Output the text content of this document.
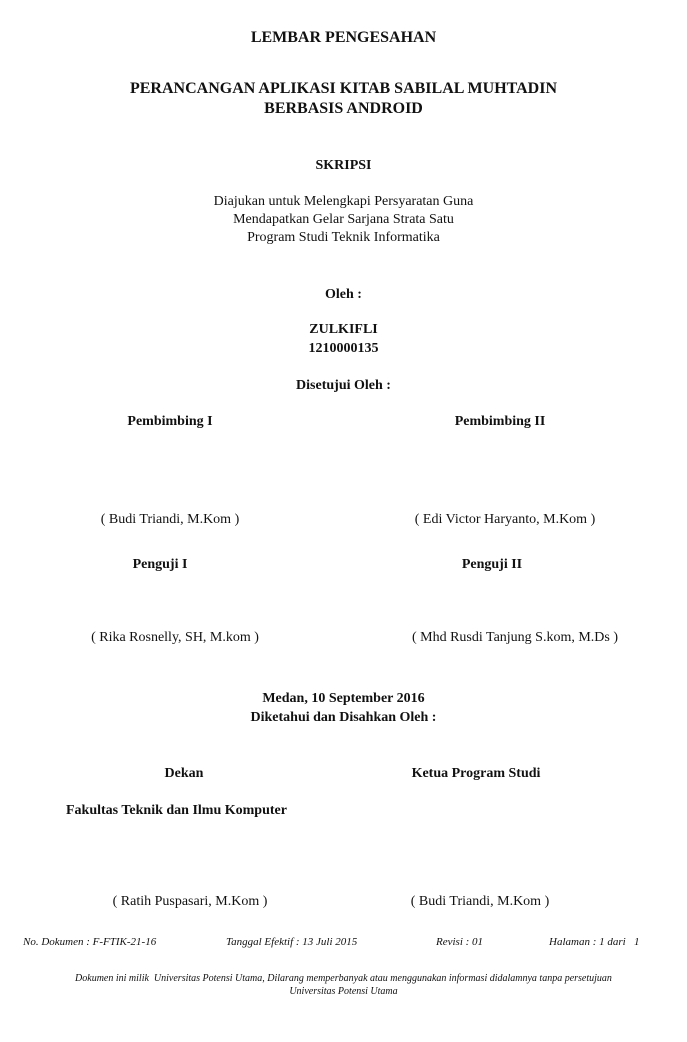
LEMBAR PENGESAHAN
PERANCANGAN APLIKASI KITAB SABILAL MUHTADIN
BERBASIS ANDROID
SKRIPSI
Diajukan untuk Melengkapi Persyaratan Guna
Mendapatkan Gelar Sarjana Strata Satu
Program Studi Teknik Informatika
Oleh :
ZULKIFLI
1210000135
Disetujui Oleh :
Pembimbing I	Pembimbing II
( Budi Triandi, M.Kom )	( Edi Victor Haryanto, M.Kom )
Penguji I	Penguji II
( Rika Rosnelly, SH, M.kom )	( Mhd Rusdi Tanjung S.kom, M.Ds )
Medan, 10 September 2016
Diketahui dan Disahkan Oleh :
Dekan	Ketua Program Studi
Fakultas Teknik dan Ilmu Komputer
( Ratih Puspasari, M.Kom )	( Budi Triandi, M.Kom )
No. Dokumen : F-FTIK-21-16	Tanggal Efektif : 13 Juli 2015	Revisi : 01	Halaman : 1 dari   1
Dokumen ini milik  Universitas Potensi Utama, Dilarang memperbanyak atau menggunakan informasi didalamnya tanpa persetujuan
Universitas Potensi Utama
